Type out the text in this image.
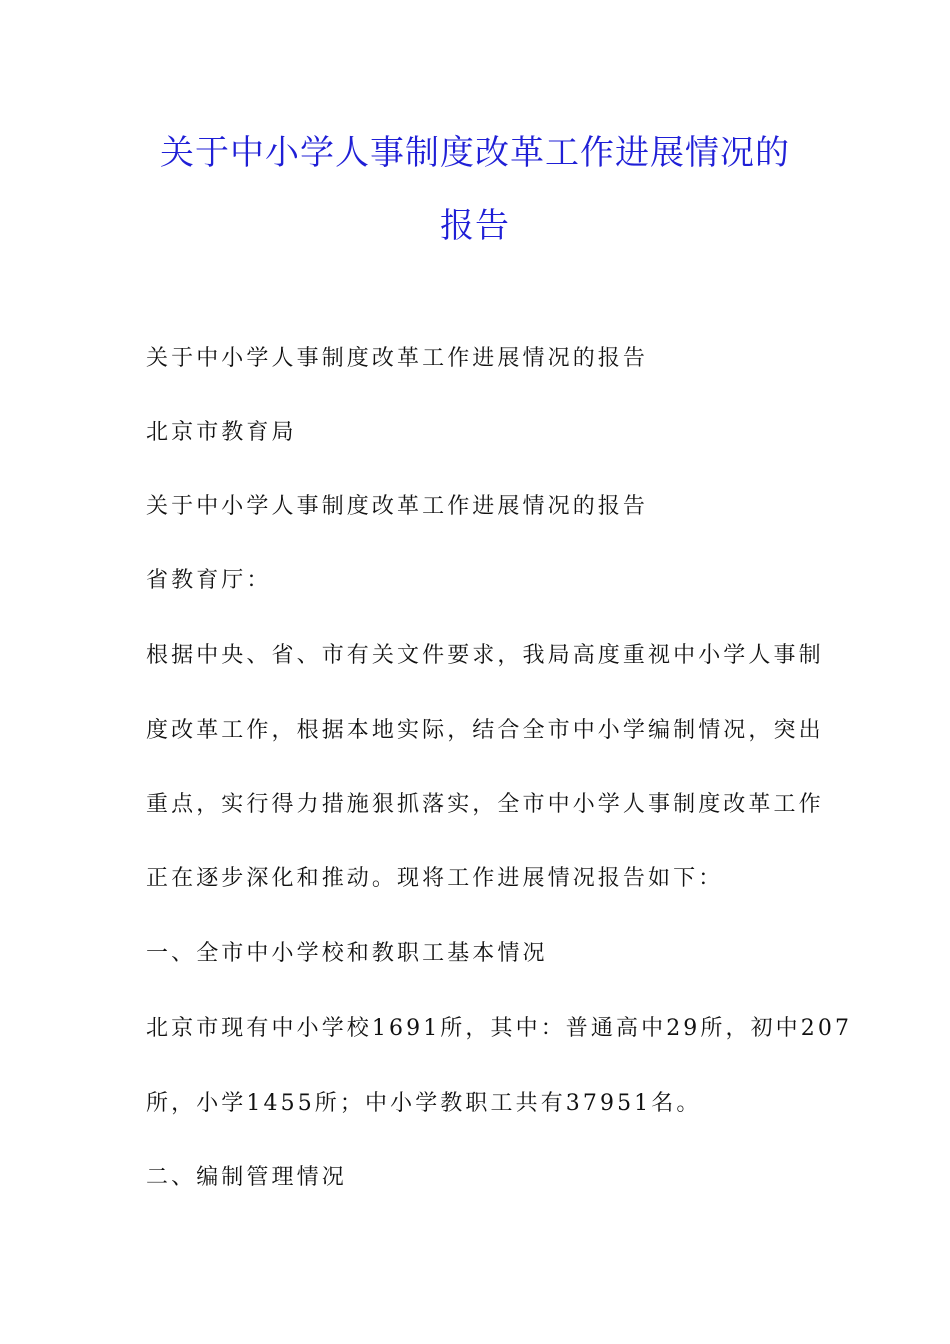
关于中小学人事制度改革工作进展情况的
报告

关于中小学人事制度改革工作进展情况的报告

北京市教育局

关于中小学人事制度改革工作进展情况的报告

省教育厅：

根据中央、省、市有关文件要求，我局高度重视中小学人事制

度改革工作，根据本地实际，结合全市中小学编制情况，突出

重点，实行得力措施狠抓落实，全市中小学人事制度改革工作

正在逐步深化和推动。现将工作进展情况报告如下：

一、全市中小学校和教职工基本情况

北京市现有中小学校1691所，其中：普通高中29所，初中207

所，小学1455所；中小学教职工共有37951名。

二、编制管理情况
